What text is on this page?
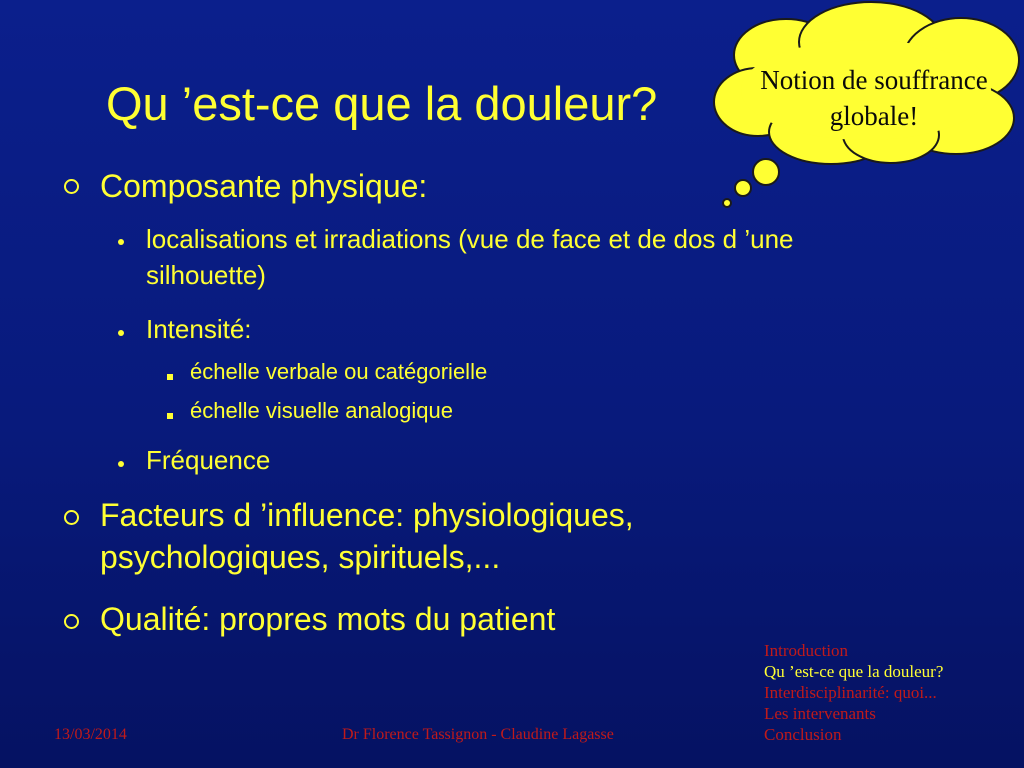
Qu ’est-ce que la douleur?
Composante physique:
localisations et irradiations (vue de face et de dos d ’une silhouette)
Intensité:
échelle verbale ou catégorielle
échelle visuelle analogique
Fréquence
Facteurs d ’influence: physiologiques, psychologiques, spirituels,...
Qualité: propres mots du patient
Notion de souffrance
globale!
Introduction
Qu ’est-ce que la douleur?
Interdisciplinarité: quoi...
Les intervenants
Conclusion
13/03/2014	Dr Florence Tassignon - Claudine Lagasse
